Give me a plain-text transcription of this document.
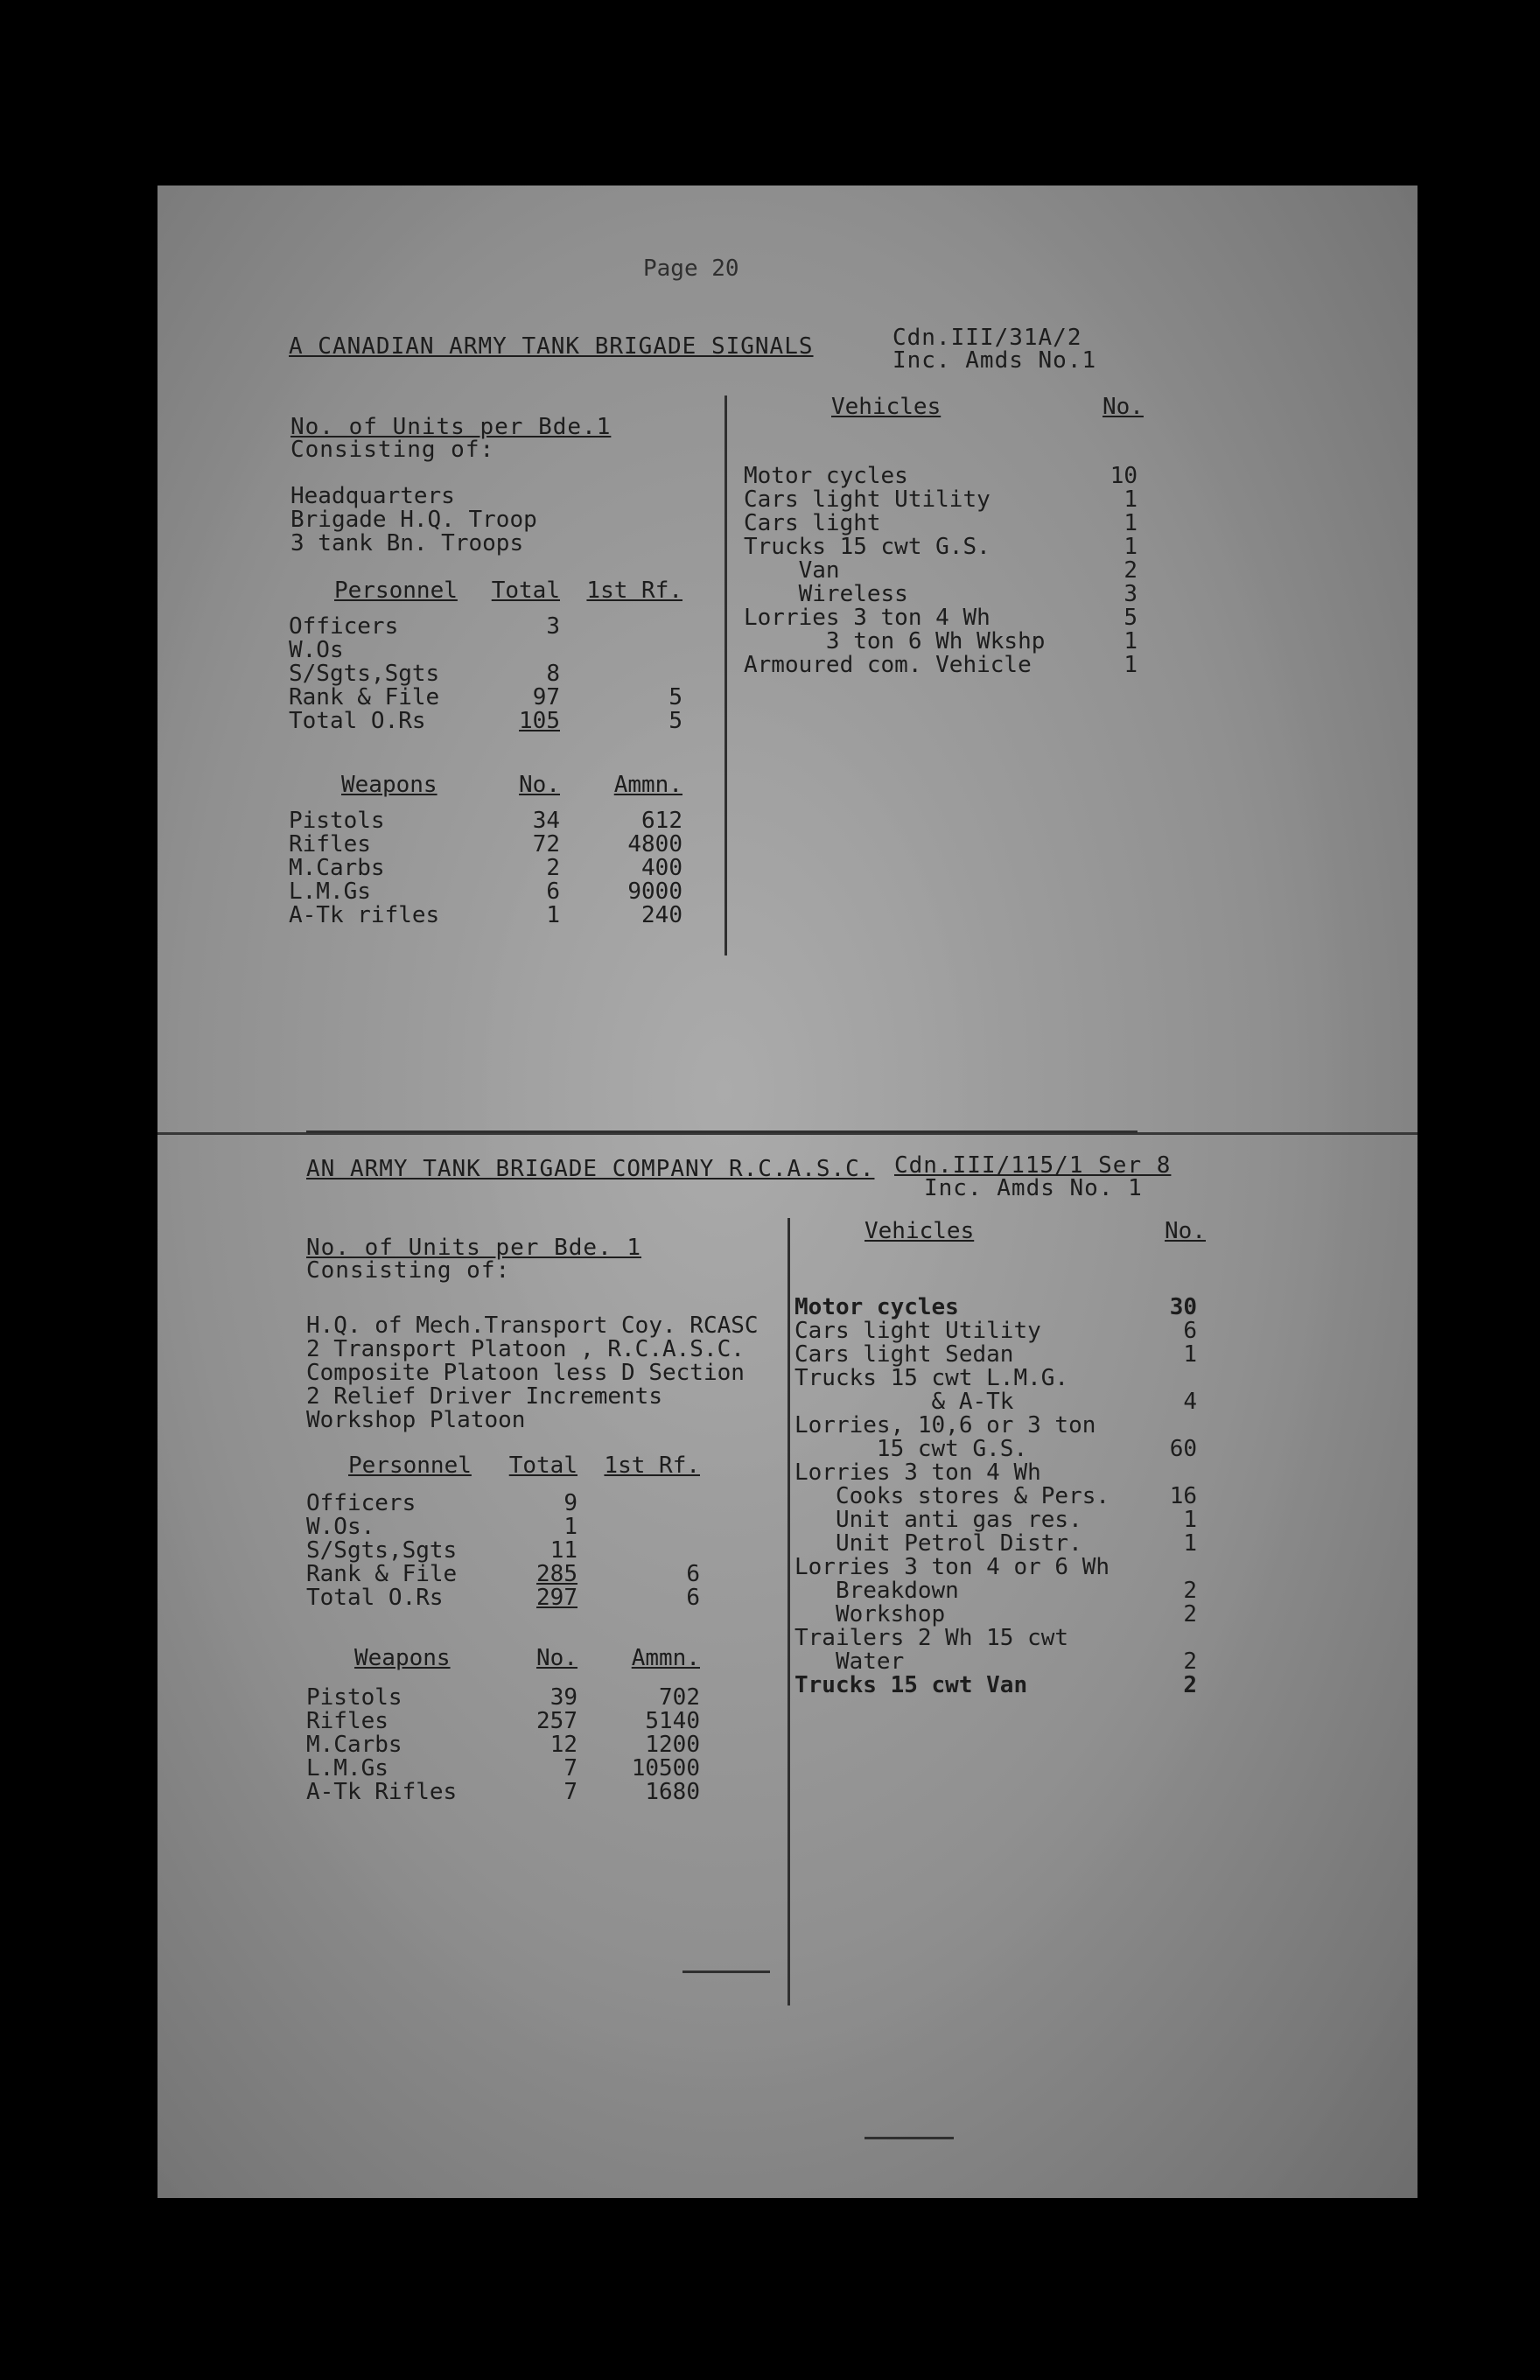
Page 20
A CANADIAN ARMY TANK BRIGADE SIGNALS	Cdn.III/31A/2
Inc. Amds No.1
No. of Units per Bde.1
Consisting of:
Headquarters
Brigade H.Q. Troop
3 tank Bn. Troops
Personnel	Total	1st Rf.
Officers	3
W.Os
S/Sgts,Sgts	8
Rank & File	97	5
Total O.Rs	105	5
Weapons	No.	Ammn.
Pistols	34	612
Rifles	72	4800
M.Carbs	2	400
L.M.Gs	6	9000
A-Tk rifles	1	240
Vehicles	No.
Motor cycles	10
Cars light Utility	1
Cars light	1
Trucks 15 cwt G.S.	1
Van	2
Wireless	3
Lorries 3 ton 4 Wh	5
3 ton 6 Wh Wkshp	1
Armoured com. Vehicle	1
AN ARMY TANK BRIGADE COMPANY R.C.A.S.C. Cdn.III/115/1 Ser 8
Inc. Amds No. 1
No. of Units per Bde. 1
Consisting of:
H.Q. of Mech.Transport Coy. RCASC
2 Transport Platoon , R.C.A.S.C.
Composite Platoon less D Section
2 Relief Driver Increments
Workshop Platoon
Personnel	Total	1st Rf.
Officers	9
W.Os.	1
S/Sgts,Sgts	11
Rank & File	285	6
Total O.Rs	297	6
Weapons	No.	Ammn.
Pistols	39	702
Rifles	257	5140
M.Carbs	12	1200
L.M.Gs	7	10500
A-Tk Rifles	7	1680
Vehicles	No.
Motor cycles	30
Cars light Utility	6
Cars light Sedan	1
Trucks 15 cwt L.M.G.
& A-Tk	4
Lorries, 10,6 or 3 ton
15 cwt G.S.	60
Lorries 3 ton 4 Wh
Cooks stores & Pers.	16
Unit anti gas res.	1
Unit Petrol Distr.	1
Lorries 3 ton 4 or 6 Wh
Breakdown	2
Workshop	2
Trailers 2 Wh 15 cwt
Water	2
Trucks 15 cwt Van	2
